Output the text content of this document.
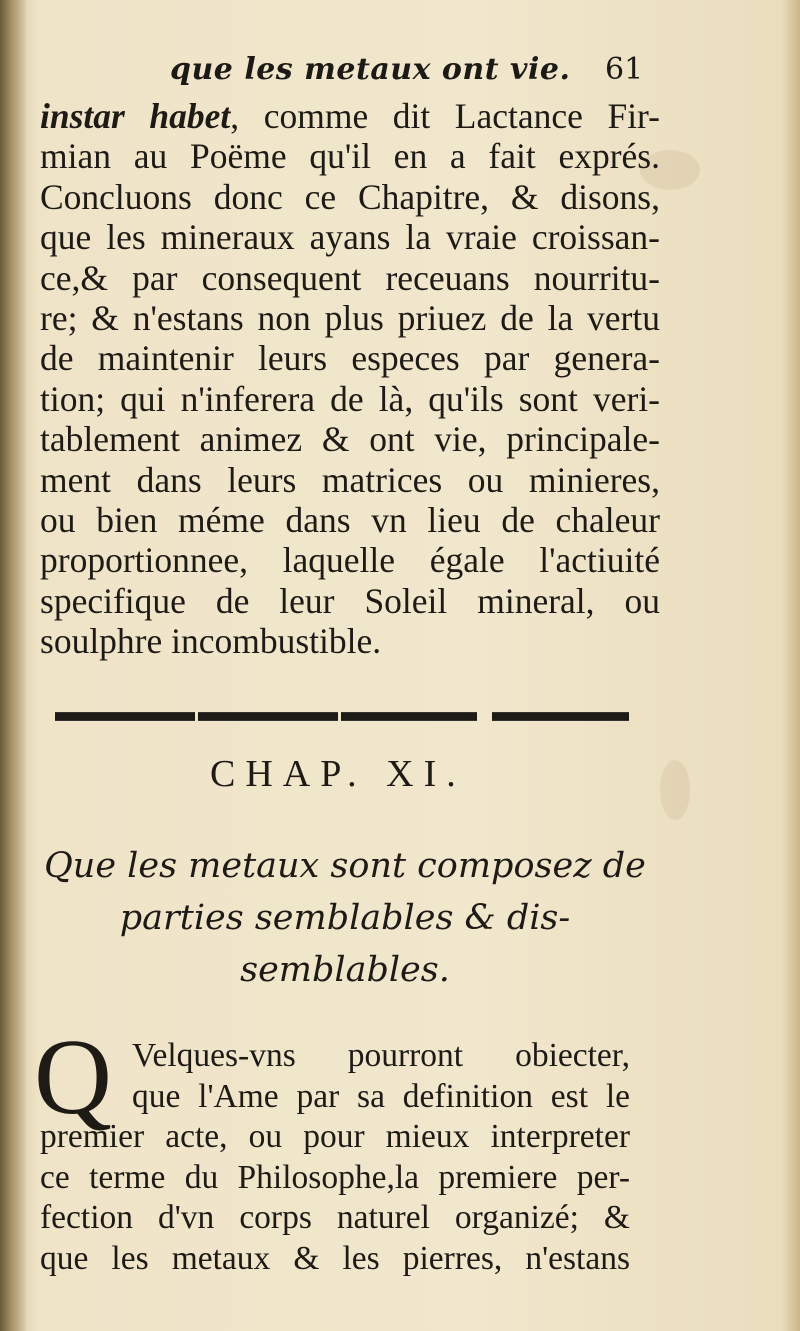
que les metaux ont vie. 61
instar habet, comme dit Lactance Fir-
mian au Poëme qu'il en a fait exprés.
Concluons donc ce Chapitre, & disons,
que les mineraux ayans la vraie croissan-
ce,& par consequent receuans nourritu-
re; & n'estans non plus priuez de la vertu
de maintenir leurs especes par genera-
tion; qui n'inferera de là, qu'ils sont veri-
tablement animez & ont vie, principale-
ment dans leurs matrices ou minieres,
ou bien méme dans vn lieu de chaleur
proportionnee, laquelle égale l'actiuité
specifique de leur Soleil mineral, ou
soulphre incombustible.
CHAP. XI.
Que les metaux sont composez de
parties semblables & dis-
semblables.
Q Velques-vns pourront obiecter,
que l'Ame par sa definition est le
premier acte, ou pour mieux interpreter
ce terme du Philosophe,la premiere per-
fection d'vn corps naturel organizé; &
que les metaux & les pierres, n'estans
